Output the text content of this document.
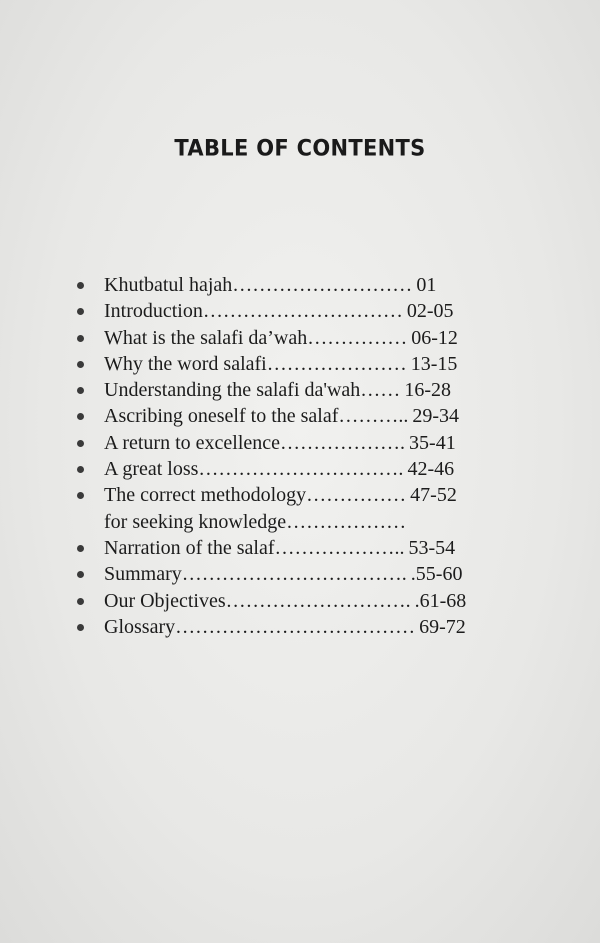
TABLE OF CONTENTS
Khutbatul hajah……………………… 01
Introduction………………………… 02-05
What is the salafi da’wah…………… 06-12
Why the word salafi………………… 13-15
Understanding the salafi da'wah…… 16-28
Ascribing oneself to the salaf……….. 29-34
A return to excellence………………. 35-41
A great loss…………………………. 42-46
The correct methodology…………… 47-52
for seeking knowledge………………
Narration of the salaf……………….. 53-54
Summary……………………………. .55-60
Our Objectives………………………. .61-68
Glossary……………………………… 69-72
